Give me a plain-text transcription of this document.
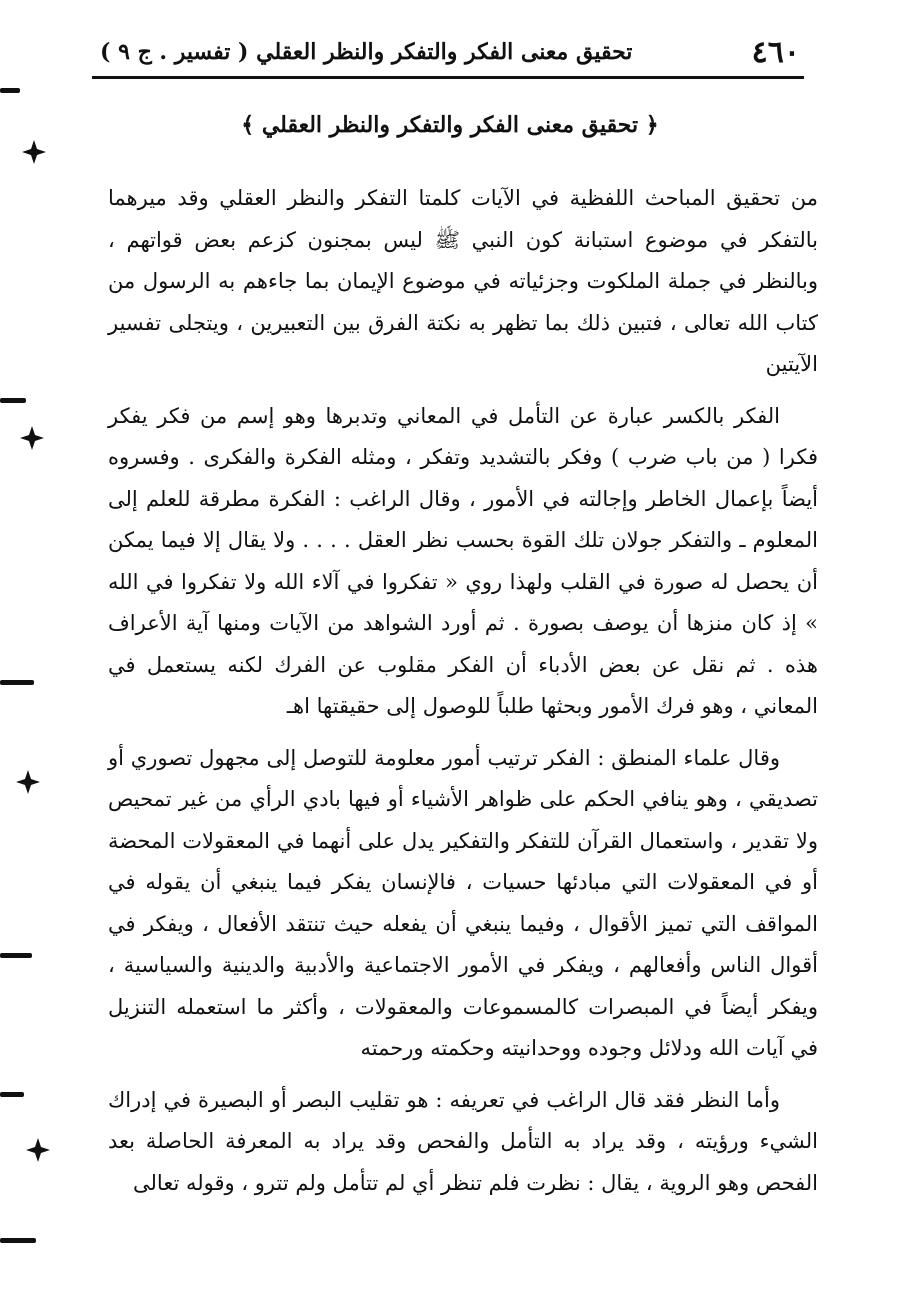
٤٦٠
تحقيق معنى الفكر والتفكر والنظر العقلي ( تفسير . ج ٩ )
﴿ تحقيق معنى الفكر والتفكر والنظر العقلي ﴾

من تحقيق المباحث اللفظية في الآيات كلمتا التفكر والنظر العقلي وقد ميرهما بالتفكر في موضوع استبانة كون النبي ﷺ ليس بمجنون كزعم بعض قواتهم ، وبالنظر في جملة الملكوت وجزئياته في موضوع الإيمان بما جاءهم به الرسول من كتاب الله تعالى ، فتبين ذلك بما تظهر به نكتة الفرق بين التعبيرين ، ويتجلى تفسير الآيتين

الفكر بالكسر عبارة عن التأمل في المعاني وتدبرها وهو إسم من فكر يفكر فكرا ( من باب ضرب ) وفكر بالتشديد وتفكر ، ومثله الفكرة والفكرى . وفسروه أيضاً بإعمال الخاطر وإجالته في الأمور ، وقال الراغب : الفكرة مطرقة للعلم إلى المعلوم ـ والتفكر جولان تلك القوة بحسب نظر العقل . . . . ولا يقال إلا فيما يمكن أن يحصل له صورة في القلب ولهذا روي « تفكروا في آلاء الله ولا تفكروا في الله » إذ كان منزها أن يوصف بصورة . ثم أورد الشواهد من الآيات ومنها آية الأعراف هذه . ثم نقل عن بعض الأدباء أن الفكر مقلوب عن الفرك لكنه يستعمل في المعاني ، وهو فرك الأمور وبحثها طلباً للوصول إلى حقيقتها اهـ

وقال علماء المنطق : الفكر ترتيب أمور معلومة للتوصل إلى مجهول تصوري أو تصديقي ، وهو ينافي الحكم على ظواهر الأشياء أو فيها بادي الرأي من غير تمحيص ولا تقدير ، واستعمال القرآن للتفكر والتفكير يدل على أنهما في المعقولات المحضة أو في المعقولات التي مبادئها حسيات ، فالإنسان يفكر فيما ينبغي أن يقوله في المواقف التي تميز الأقوال ، وفيما ينبغي أن يفعله حيث تنتقد الأفعال ، ويفكر في أقوال الناس وأفعالهم ، ويفكر في الأمور الاجتماعية والأدبية والدينية والسياسية ، ويفكر أيضاً في المبصرات كالمسموعات والمعقولات ، وأكثر ما استعمله التنزيل في آيات الله ودلائل وجوده ووحدانيته وحكمته ورحمته

وأما النظر فقد قال الراغب في تعريفه : هو تقليب البصر أو البصيرة في إدراك الشيء ورؤيته ، وقد يراد به التأمل والفحص وقد يراد به المعرفة الحاصلة بعد الفحص وهو الروية ، يقال : نظرت فلم تنظر أي لم تتأمل ولم تترو ، وقوله تعالى
